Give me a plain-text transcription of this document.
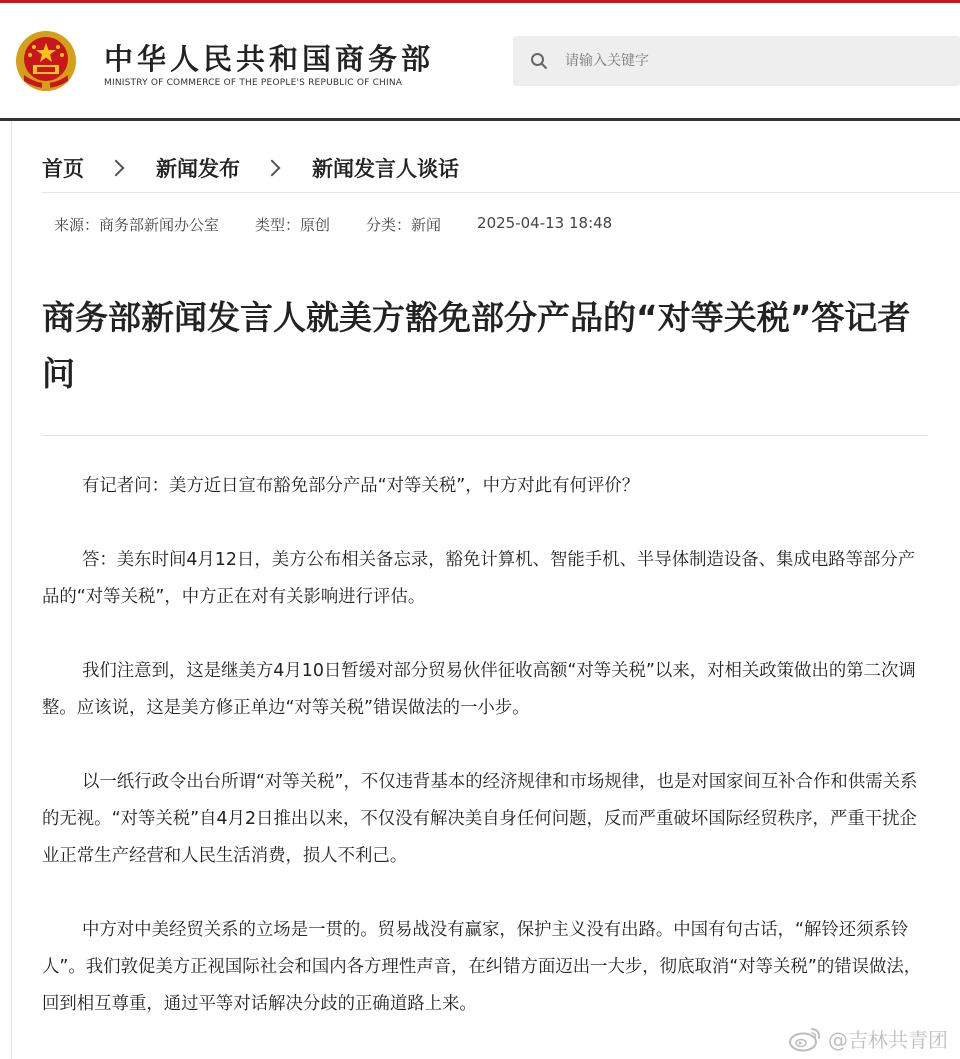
中华人民共和国商务部
MINISTRY OF COMMERCE OF THE PEOPLE'S REPUBLIC OF CHINA
请输入关键字
首页	新闻发布	新闻发言人谈话
来源：商务部新闻办公室 类型：原创 分类：新闻 2025-04-13 18:48
商务部新闻发言人就美方豁免部分产品的“对等关税”答记者问

有记者问：美方近日宣布豁免部分产品“对等关税”，中方对此有何评价？

答：美东时间4月12日，美方公布相关备忘录，豁免计算机、智能手机、半导体制造设备、集成电路等部分产品的“对等关税”，中方正在对有关影响进行评估。

我们注意到，这是继美方4月10日暂缓对部分贸易伙伴征收高额“对等关税”以来，对相关政策做出的第二次调整。应该说，这是美方修正单边“对等关税”错误做法的一小步。

以一纸行政令出台所谓“对等关税”，不仅违背基本的经济规律和市场规律，也是对国家间互补合作和供需关系的无视。“对等关税”自4月2日推出以来，不仅没有解决美自身任何问题，反而严重破坏国际经贸秩序，严重干扰企业正常生产经营和人民生活消费，损人不利己。

中方对中美经贸关系的立场是一贯的。贸易战没有赢家，保护主义没有出路。中国有句古话，“解铃还须系铃人”。我们敦促美方正视国际社会和国内各方理性声音，在纠错方面迈出一大步，彻底取消“对等关税”的错误做法，回到相互尊重，通过平等对话解决分歧的正确道路上来。

@吉林共青团
